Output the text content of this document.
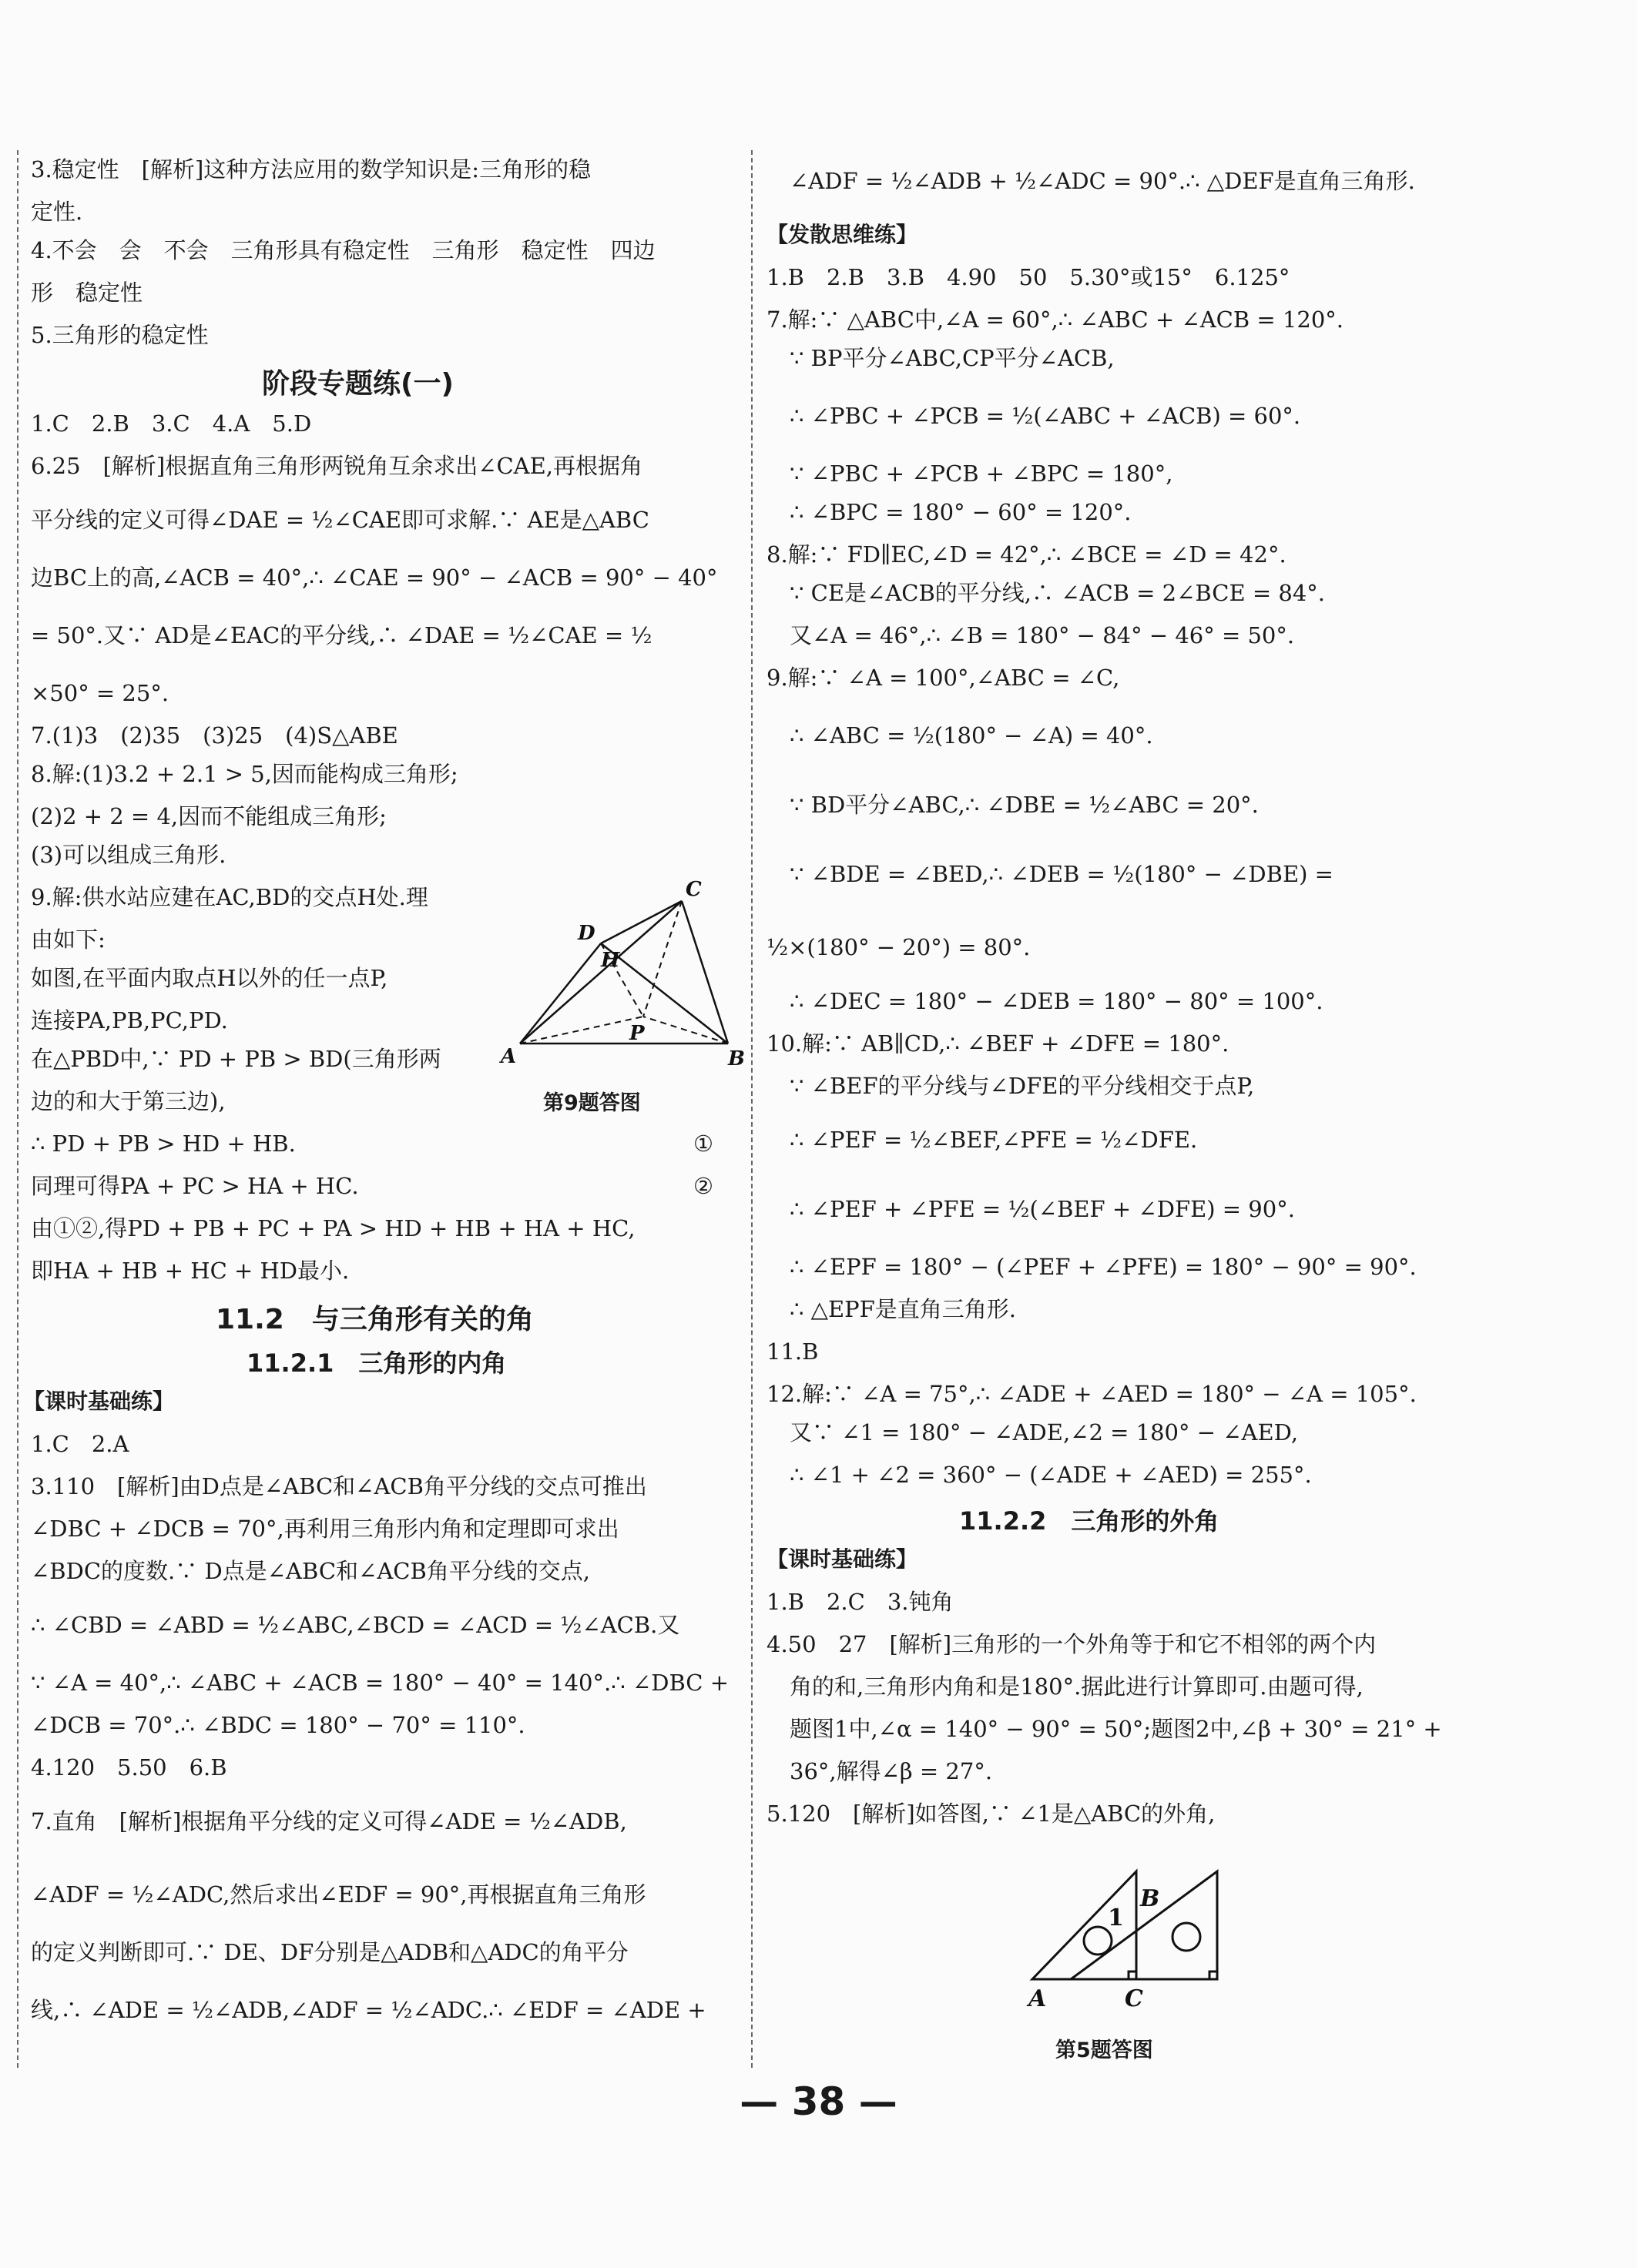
3.稳定性　[解析]这种方法应用的数学知识是:三角形的稳
定性.
4.不会　会　不会　三角形具有稳定性　三角形　稳定性　四边
形　稳定性
5.三角形的稳定性
阶段专题练(一)
1.C　2.B　3.C　4.A　5.D
6.25　[解析]根据直角三角形两锐角互余求出∠CAE,再根据角
平分线的定义可得∠DAE = ½∠CAE即可求解.∵ AE是△ABC
边BC上的高,∠ACB = 40°,∴ ∠CAE = 90° − ∠ACB = 90° − 40°
= 50°.又∵ AD是∠EAC的平分线,∴ ∠DAE = ½∠CAE = ½
×50° = 25°.
7.(1)3　(2)35　(3)25　(4)S△ABE
8.解:(1)3.2 + 2.1 > 5,因而能构成三角形;
(2)2 + 2 = 4,因而不能组成三角形;
(3)可以组成三角形.
9.解:供水站应建在AC,BD的交点H处.理
由如下:
如图,在平面内取点H以外的任一点P,
连接PA,PB,PC,PD.
在△PBD中,∵ PD + PB > BD(三角形两
边的和大于第三边),
∴ PD + PB > HD + HB.	①
同理可得PA + PC > HA + HC.	②
由①②,得PD + PB + PC + PA > HD + HB + HA + HC,
即HA + HB + HC + HD最小.
A	B
C
D
H
P
第9题答图
11.2　与三角形有关的角
11.2.1　三角形的内角
【课时基础练】
1.C　2.A
3.110　[解析]由D点是∠ABC和∠ACB角平分线的交点可推出
∠DBC + ∠DCB = 70°,再利用三角形内角和定理即可求出
∠BDC的度数.∵ D点是∠ABC和∠ACB角平分线的交点,
∴ ∠CBD = ∠ABD = ½∠ABC,∠BCD = ∠ACD = ½∠ACB.又
∵ ∠A = 40°,∴ ∠ABC + ∠ACB = 180° − 40° = 140°.∴ ∠DBC +
∠DCB = 70°.∴ ∠BDC = 180° − 70° = 110°.
4.120　5.50　6.B
7.直角　[解析]根据角平分线的定义可得∠ADE = ½∠ADB,
∠ADF = ½∠ADC,然后求出∠EDF = 90°,再根据直角三角形
的定义判断即可.∵ DE、DF分别是△ADB和△ADC的角平分
线,∴ ∠ADE = ½∠ADB,∠ADF = ½∠ADC.∴ ∠EDF = ∠ADE +
∠ADF = ½∠ADB + ½∠ADC = 90°.∴ △DEF是直角三角形.
【发散思维练】
1.B　2.B　3.B　4.90　50　5.30°或15°　6.125°
7.解:∵ △ABC中,∠A = 60°,∴ ∠ABC + ∠ACB = 120°.
∵ BP平分∠ABC,CP平分∠ACB,
∴ ∠PBC + ∠PCB = ½(∠ABC + ∠ACB) = 60°.
∵ ∠PBC + ∠PCB + ∠BPC = 180°,
∴ ∠BPC = 180° − 60° = 120°.
8.解:∵ FD∥EC,∠D = 42°,∴ ∠BCE = ∠D = 42°.
∵ CE是∠ACB的平分线,∴ ∠ACB = 2∠BCE = 84°.
又∠A = 46°,∴ ∠B = 180° − 84° − 46° = 50°.
9.解:∵ ∠A = 100°,∠ABC = ∠C,
∴ ∠ABC = ½(180° − ∠A) = 40°.
∵ BD平分∠ABC,∴ ∠DBE = ½∠ABC = 20°.
∵ ∠BDE = ∠BED,∴ ∠DEB = ½(180° − ∠DBE) =
½×(180° − 20°) = 80°.
∴ ∠DEC = 180° − ∠DEB = 180° − 80° = 100°.
10.解:∵ AB∥CD,∴ ∠BEF + ∠DFE = 180°.
∵ ∠BEF的平分线与∠DFE的平分线相交于点P,
∴ ∠PEF = ½∠BEF,∠PFE = ½∠DFE.
∴ ∠PEF + ∠PFE = ½(∠BEF + ∠DFE) = 90°.
∴ ∠EPF = 180° − (∠PEF + ∠PFE) = 180° − 90° = 90°.
∴ △EPF是直角三角形.
11.B
12.解:∵ ∠A = 75°,∴ ∠ADE + ∠AED = 180° − ∠A = 105°.
又∵ ∠1 = 180° − ∠ADE,∠2 = 180° − ∠AED,
∴ ∠1 + ∠2 = 360° − (∠ADE + ∠AED) = 255°.
11.2.2　三角形的外角
【课时基础练】
1.B　2.C　3.钝角
4.50　27　[解析]三角形的一个外角等于和它不相邻的两个内
角的和,三角形内角和是180°.据此进行计算即可.由题可得,
题图1中,∠α = 140° − 90° = 50°;题图2中,∠β + 30° = 21° +
36°,解得∠β = 27°.
5.120　[解析]如答图,∵ ∠1是△ABC的外角,
A
B
C
1
第5题答图
— 38 —
